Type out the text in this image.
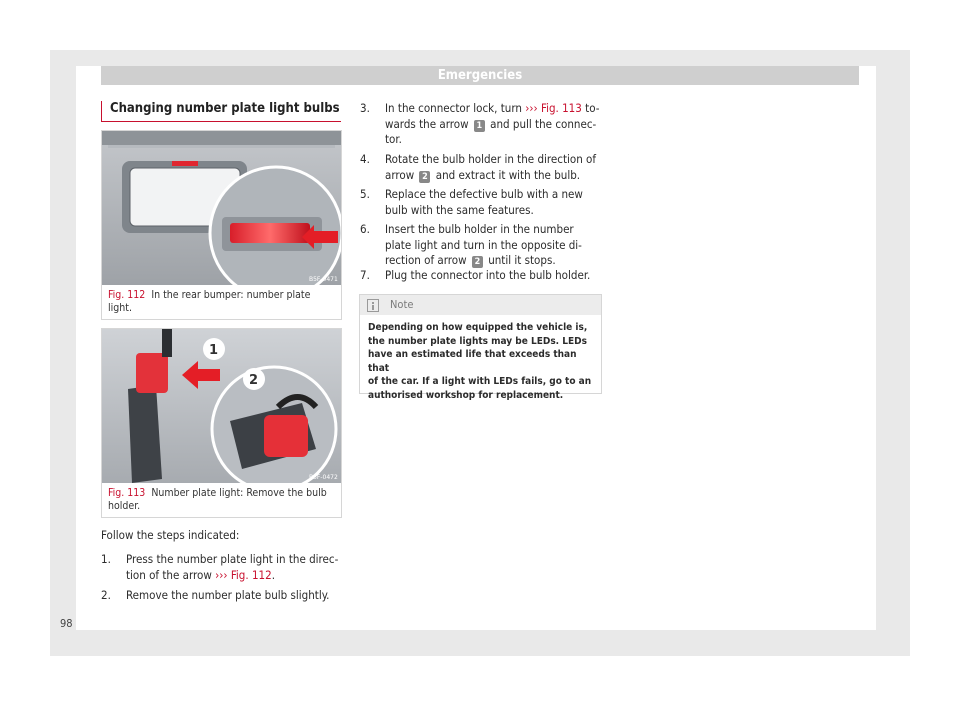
Emergencies
Changing number plate light bulbs
B5F-0471
Fig. 112 In the rear bumper: number plate light.
1
2
B5F-0472
Fig. 113 Number plate light: Remove the bulb holder.
Follow the steps indicated:
1.	Press the number plate light in the direc-
tion of the arrow ››› Fig. 112.
2.	Remove the number plate bulb slightly.
3.	In the connector lock, turn ››› Fig. 113 to-
wards the arrow 1 and pull the connec-
tor.
4.	Rotate the bulb holder in the direction of
arrow 2 and extract it with the bulb.
5.	Replace the defective bulb with a new
bulb with the same features.
6.	Insert the bulb holder in the number
plate light and turn in the opposite di-
rection of arrow 2 until it stops.
7.	Plug the connector into the bulb holder.
Note
Depending on how equipped the vehicle is,
the number plate lights may be LEDs. LEDs
have an estimated life that exceeds than that
of the car. If a light with LEDs fails, go to an
authorised workshop for replacement.
98
